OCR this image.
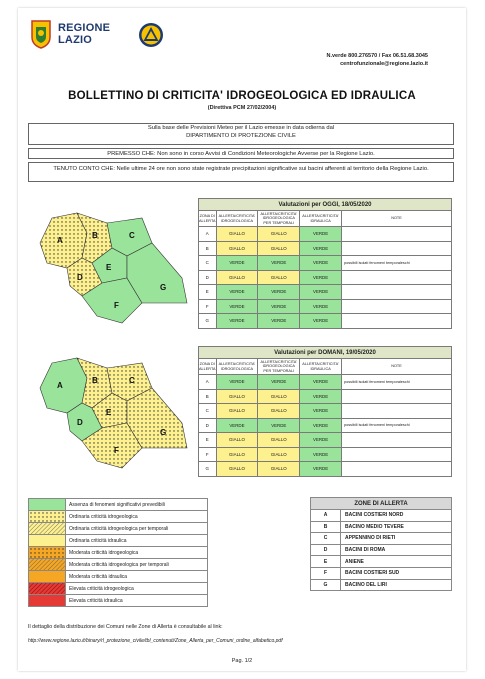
REGIONE
LAZIO
N.verde 800.276570 / Fax 06.51.68.3045
centrofunzionale@regione.lazio.it
BOLLETTINO DI CRITICITA' IDROGEOLOGICA ED IDRAULICA
(Direttiva PCM 27/02/2004)
Sulla base delle Previsioni Meteo per il Lazio emesse in data odierna dal
DIPARTIMENTO DI PROTEZIONE CIVILE
PREMESSO CHE: Non sono in corso Avvisi di Condizioni Meteorologiche Avverse per la Regione Lazio.
TENUTO CONTO CHE: Nelle ultime 24 ore non sono state registrate precipitazioni significative sui bacini afferenti al territorio della Regione Lazio.
A
B	C
D
E
F
G
Valutazioni per OGGI, 18/05/2020				
ZONA DI ALLERTA	ALLERTA/CRITICITA' IDROGEOLOGICA	ALLERTA/CRITICITA' IDROGEOLOGICA PER TEMPORALI	ALLERTA/CRITICITA' IDRAULICA	NOTE
A	GIALLO	GIALLO	VERDE	
B	GIALLO	GIALLO	VERDE	
C	VERDE	VERDE	VERDE	possibili isolati fenomeni temporaleschi
D	GIALLO	GIALLO	VERDE	
E	VERDE	VERDE	VERDE	
F	VERDE	VERDE	VERDE	
G	VERDE	VERDE	VERDE	
A
B	C
D
E
F
G
Valutazioni per DOMANI, 19/05/2020				
ZONA DI ALLERTA	ALLERTA/CRITICITA' IDROGEOLOGICA	ALLERTA/CRITICITA' IDROGEOLOGICA PER TEMPORALI	ALLERTA/CRITICITA' IDRAULICA	NOTE
A	VERDE	VERDE	VERDE	possibili isolati fenomeni temporaleschi
B	GIALLO	GIALLO	VERDE	
C	GIALLO	GIALLO	VERDE	
D	VERDE	VERDE	VERDE	possibili isolati fenomeni temporaleschi
E	GIALLO	GIALLO	VERDE	
F	GIALLO	GIALLO	VERDE	
G	GIALLO	GIALLO	VERDE	
	Assenza di fenomeni significativi prevedibili

	Ordinaria criticità idrogeologica

	Ordinaria criticità idrogeologica per temporali

	Ordinaria criticità idraulica

	Moderata criticità idrogeologica

	Moderata criticità idrogeologica per temporali

	Moderata criticità idraulica

	Elevata criticità idrogeologica

	Elevata criticità idraulica
ZONE DI ALLERTA	
A	BACINI COSTIERI NORD
B	BACINO MEDIO TEVERE
C	APPENNINO DI RIETI
D	BACINI DI ROMA
E	ANIENE
F	BACINI COSTIERI SUD
G	BACINO DEL LIRI
Il dettaglio della distribuzione dei Comuni nelle Zone di Allerta è consultabile al link:
http://www.regione.lazio.it/binary/rl_protezione_civile/tbl_contenuti/Zone_Allerta_per_Comuni_ordine_alfabetico.pdf
Pag. 1/2
